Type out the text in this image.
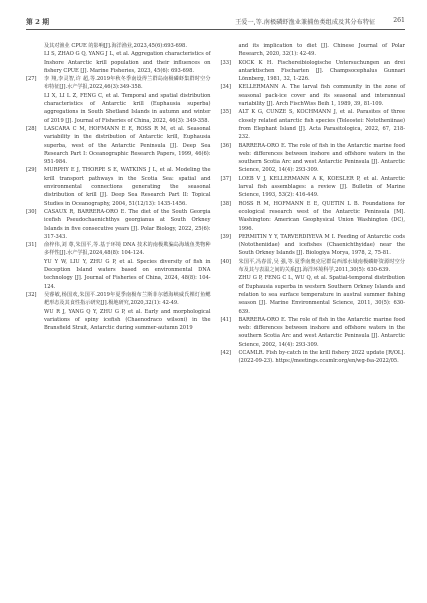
第 2 期	王爱一,等.南极磷虾渔业兼捕鱼类组成及其分布特征	261
及其对渔业 CPUE 的影响[J].海洋渔业,2023,45(6):693-698.
LI S, ZHAO G Q, YANG J L, et al. Aggregation characteristics of Inshore Antarctic krill population and their influences on fishery CPUE [J]. Marine Fisheries, 2023, 45(6): 693-698.
[27]	李 翔,李灵智,许 超,等.2019年秋冬季南设得兰群岛南极磷虾集群时空分布特征[J].水产学报,2022,46(3):349-358.
LI X, LI L Z, FENG C, et al. Temporal and spatial distribution characteristics of Antarctic krill (Euphausia superba) aggregations in South Shetland Islands in autumn and winter of 2019 [J]. Journal of Fisheries of China, 2022, 46(3): 349-358.
[28]	LASCARA C M, HOFMANN E E, ROSS R M, et al. Seasonal variability in the distribution of Antarctic krill, Euphausia superba, west of the Antarctic Peninsula [J]. Deep Sea Research Part I: Oceanographic Research Papers, 1999, 46(6): 951-984.
[29]	MURPHY E J, THORPE S E, WATKINS J L, et al. Modeling the krill transport pathways in the Scotia Sea: spatial and environmental connections generating the seasonal distribution of krill [J]. Deep Sea Research Part II: Topical Studies in Oceanography, 2004, 51(12/13): 1435-1456.
[30]	CASAUX R, BARRERA-ORO E. The diet of the South Georgia icefish Pseudochaenichthys georgianus at South Orkney Islands in five consecutive years [J]. Polar Biology, 2022, 25(6): 317-343.
[31]	俞梓伟,刘 尊,朱国平,等.基于环境 DNA 技术的南极欺骗岛海域鱼类物种多样性[J].水产学报,2024,48(8): 104-124.
YU Y W, LIU Y, ZHU G P, et al. Species diversity of fish in Deception Island waters based on environmental DNA technology [J]. Journal of Fisheries of China, 2024, 48(8): 104-124.
[32]	吴睿敏,杨国欢,朱国平.2019年夏季南极布兰斯菲尔德海峡威氏裸灯鱼鳃耙形态及其食性指示研究[J].极地研究,2020,32(1): 42-49.
WU R J, YANG Q Y, ZHU G P, et al. Early and morphological variations of spiny icefish (Chaenodraco wilsoni) in the Bransfield Strait, Antarctic during summer-autumn 2019
and its implication to diet [J]. Chinese Journal of Polar Research, 2020, 32(1): 42-49.
[33]	KOCK K H. Fischereibiologische Untersuchungen an drei antarktischen Fischarten [J]. Champsocephalus Gunnari Lönnberg, 1981, 32, 1-226.
[34]	KELLERMANN A. The larval fish community in the zone of seasonal pack-ice cover and its seasonal and interannual variability [J]. Arch FischWiss Beih 1, 1989, 39, 81-109.
[35]	ALT K G, CUNZE S, KOCHMANN J, et al. Parasites of three closely related antarctic fish species (Teleostei: Nototheniinae) from Elephant Island [J]. Acta Parasitologica, 2022, 67, 218-232.
[36]	BARRERA-ORO E. The role of fish in the Antarctic marine food web: differences between inshore and offshore waters in the southern Scotia Arc and west Antarctic Peninsula [J]. Antarctic Science, 2002, 14(4): 293-309.
[37]	LOEB V J, KELLERMANN A K, KOESLER P, et al. Antarctic larval fish assemblages: a review [J]. Bulletin of Marine Science, 1993, 53(2): 416-449.
[38]	ROSS R M, HOFMANN E E, QUETIN L B. Foundations for ecological research west of the Antarctic Peninsula [M]. Washington: American Geophysical Union Washington (DC), 1996.
[39]	PERMITIN Y Y, TARVERDIYEVA M I. Feeding of Antarctic cods (Nototheniidae) and icefishes (Chaenichthyidae) near the South Orkney Islands [J]. Biologiya Morya, 1978, 2, 75-81.
[40]	朱国平,冯春雷,吴 强,等.夏季南奥克尼群岛西部水域南极磷虾资源时空分布及其与表温之间的关系[J].海洋环境科学,2011,30(5): 630-639.
ZHU G P, FENG C L, WU Q, et al. Spatial-temporal distribution of Euphausia superba in western Southern Orkney Islands and relation to sea surface temperature in austral summer fishing season [J]. Marine Environmental Science, 2011, 30(5): 630-639.
[41]	BARRERA-ORO E. The role of fish in the Antarctic marine food web: differences between inshore and offshore waters in the southern Scotia Arc and west Antarctic Peninsula [J]. Antarctic Science, 2002, 14(4): 293-309.
[42]	CCAMLR. Fish by-catch in the krill fishery 2022 update [R/OL]. (2022-09-23). https://meetings.ccamlr.org/en/wg-fsa-2022/05.
